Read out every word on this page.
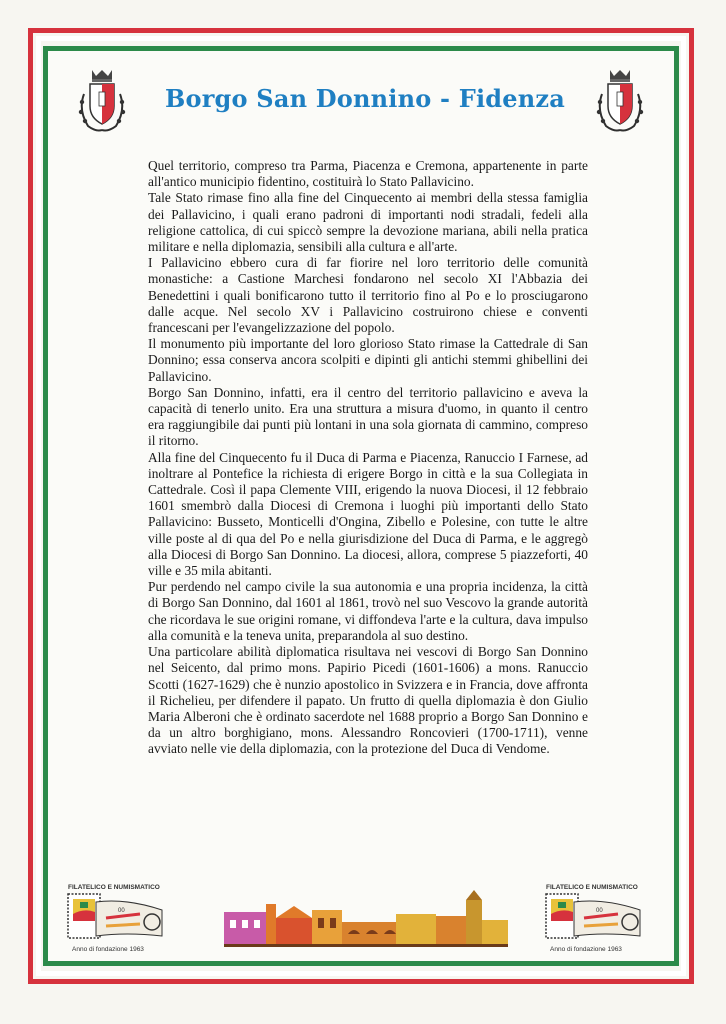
Borgo San Donnino - Fidenza

Quel territorio, compreso tra Parma, Piacenza e Cremona, appartenente in parte all'antico municipio fidentino, costituirà lo Stato Pallavicino.

Tale Stato rimase fino alla fine del Cinquecento ai membri della stessa famiglia dei Pallavicino, i quali erano padroni di importanti nodi stradali, fedeli alla religione cattolica, di cui spiccò sempre la devozione mariana, abili nella pratica militare e nella diplomazia, sensibili alla cultura e all'arte.

I Pallavicino ebbero cura di far fiorire nel loro territorio delle comunità monastiche: a Castione Marchesi fondarono nel secolo XI l'Abbazia dei Benedettini i quali bonificarono tutto il territorio fino al Po e lo prosciugarono dalle acque. Nel secolo XV i Pallavicino costruirono chiese e conventi francescani per l'evangelizzazione del popolo.

Il monumento più importante del loro glorioso Stato rimase la Cattedrale di San Donnino; essa conserva ancora scolpiti e dipinti gli antichi stemmi ghibellini dei Pallavicino.

Borgo San Donnino, infatti, era il centro del territorio pallavicino e aveva la capacità di tenerlo unito. Era una struttura a misura d'uomo, in quanto il centro era raggiungibile dai punti più lontani in una sola giornata di cammino, compreso il ritorno.

Alla fine del Cinquecento fu il Duca di Parma e Piacenza, Ranuccio I Farnese, ad inoltrare al Pontefice la richiesta di erigere Borgo in città e la sua Collegiata in Cattedrale. Così il papa Clemente VIII, erigendo la nuova Diocesi, il 12 febbraio 1601 smembrò dalla Diocesi di Cremona i luoghi più importanti dello Stato Pallavicino: Busseto, Monticelli d'Ongina, Zibello e Polesine, con tutte le altre ville poste al di qua del Po e nella giurisdizione del Duca di Parma, e le aggregò alla Diocesi di Borgo San Donnino. La diocesi, allora, comprese 5 piazzeforti, 40 ville e 35 mila abitanti.

Pur perdendo nel campo civile la sua autonomia e una propria incidenza, la città di Borgo San Donnino, dal 1601 al 1861, trovò nel suo Vescovo la grande autorità che ricordava le sue origini romane, vi diffondeva l'arte e la cultura, dava impulso alla comunità e la teneva unita, preparandola al suo destino.

Una particolare abilità diplomatica risultava nei vescovi di Borgo San Donnino nel Seicento, dal primo mons. Papirio Picedi (1601-1606) a mons. Ranuccio Scotti (1627-1629) che è nunzio apostolico in Svizzera e in Francia, dove affronta il Richelieu, per difendere il papato. Un frutto di quella diplomazia è don Giulio Maria Alberoni che è ordinato sacerdote nel 1688 proprio a Borgo San Donnino e da un altro borghigiano, mons. Alessandro Roncovieri (1700-1711), venne avviato nelle vie della diplomazia, con la protezione del Duca di Vendome.

FILATELICO E NUMISMATICO
00
Anno di fondazione 1963
FILATELICO E NUMISMATICO
00
Anno di fondazione 1963
